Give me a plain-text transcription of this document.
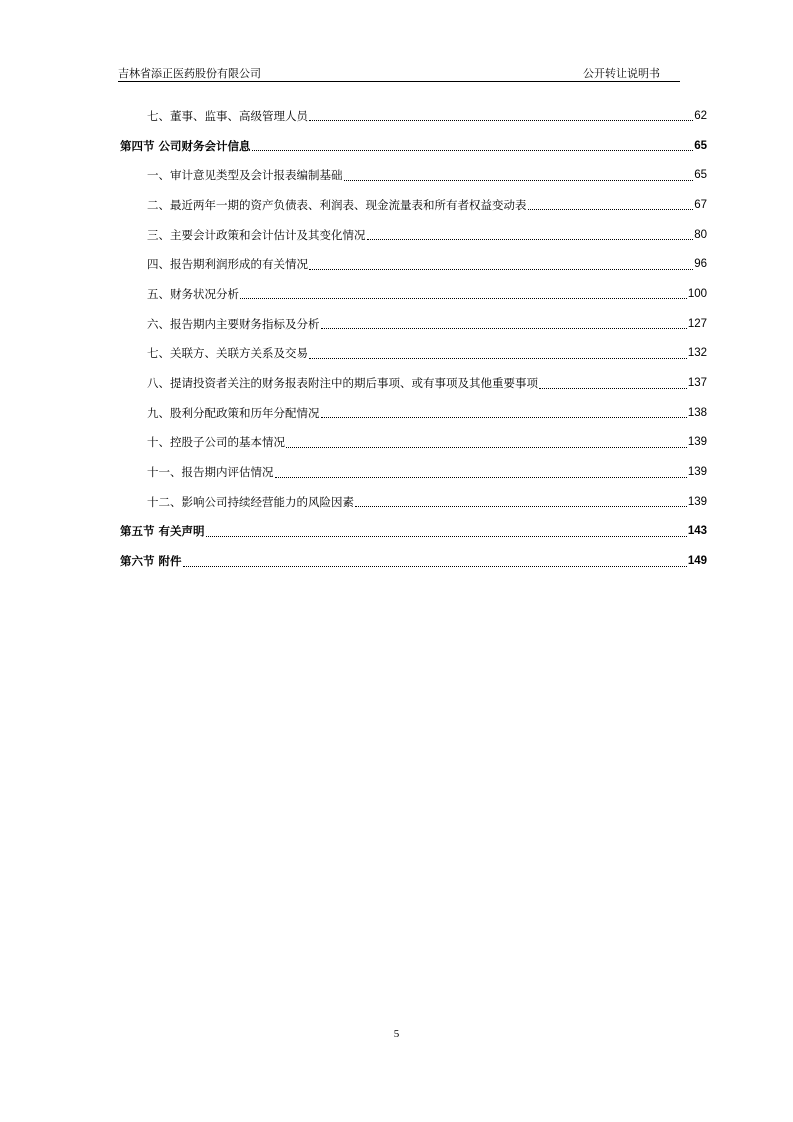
吉林省添正医药股份有限公司	公开转让说明书
七、董事、监事、高级管理人员	62
第四节 公司财务会计信息	65
一、审计意见类型及会计报表编制基础	65
二、最近两年一期的资产负债表、利润表、现金流量表和所有者权益变动表	67
三、主要会计政策和会计估计及其变化情况	80
四、报告期利润形成的有关情况	96
五、财务状况分析	100
六、报告期内主要财务指标及分析	127
七、关联方、关联方关系及交易	132
八、提请投资者关注的财务报表附注中的期后事项、或有事项及其他重要事项	137
九、股利分配政策和历年分配情况	138
十、控股子公司的基本情况	139
十一、报告期内评估情况	139
十二、影响公司持续经营能力的风险因素	139
第五节 有关声明	143
第六节 附件	149
5
